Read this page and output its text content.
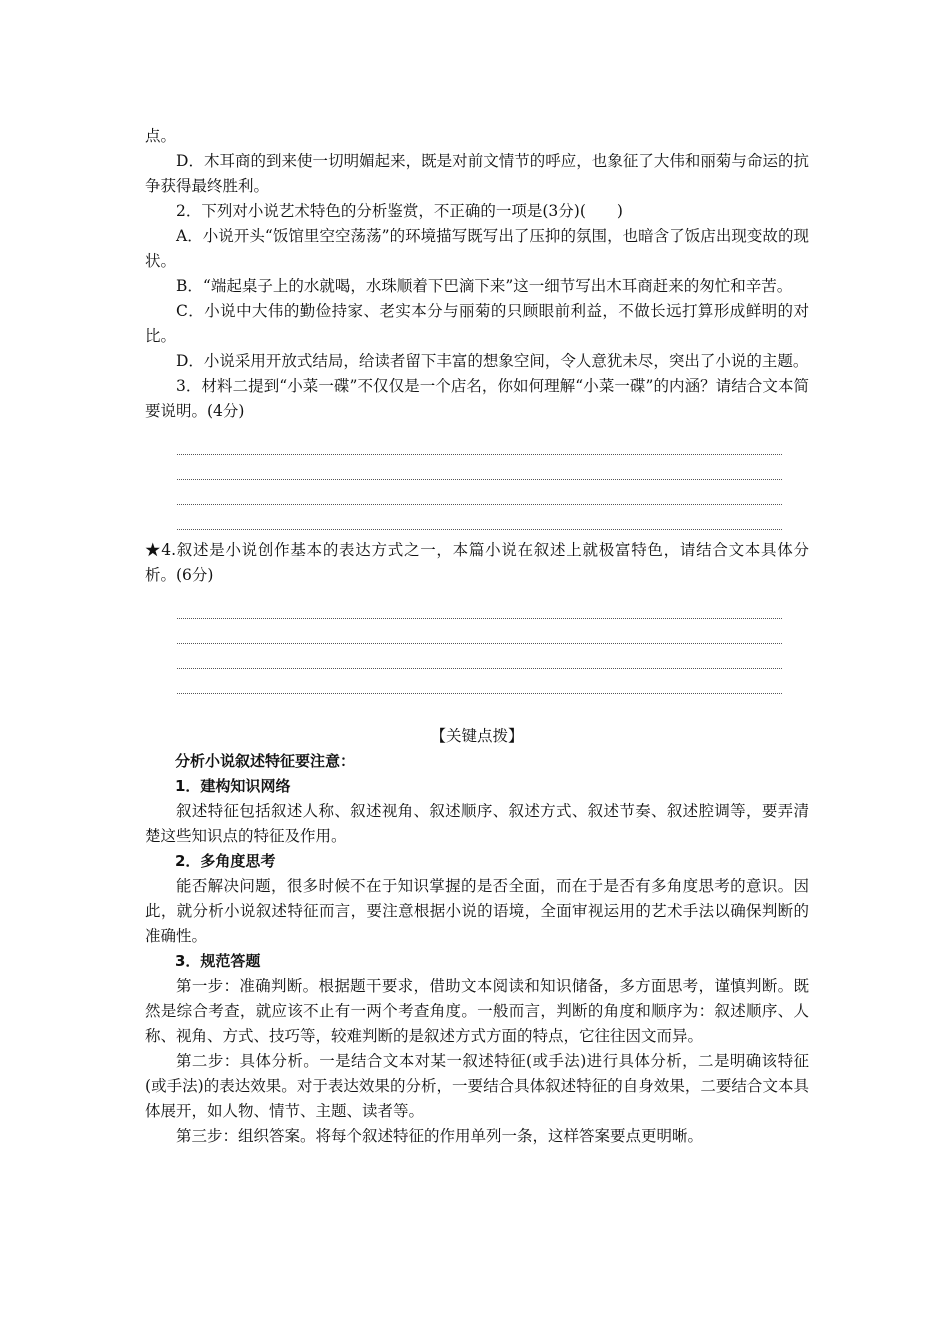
点。

D．木耳商的到来使一切明媚起来，既是对前文情节的呼应，也象征了大伟和丽菊与命运的抗争获得最终胜利。

2．下列对小说艺术特色的分析鉴赏，不正确的一项是(3分)(　　)

A．小说开头“饭馆里空空荡荡”的环境描写既写出了压抑的氛围，也暗含了饭店出现变故的现状。

B．“端起桌子上的水就喝，水珠顺着下巴滴下来”这一细节写出木耳商赶来的匆忙和辛苦。

C．小说中大伟的勤俭持家、老实本分与丽菊的只顾眼前利益，不做长远打算形成鲜明的对比。

D．小说采用开放式结局，给读者留下丰富的想象空间，令人意犹未尽，突出了小说的主题。

3．材料二提到“小菜一碟”不仅仅是一个店名，你如何理解“小菜一碟”的内涵？请结合文本简要说明。(4分)

★4.叙述是小说创作基本的表达方式之一，本篇小说在叙述上就极富特色，请结合文本具体分析。(6分)

【关键点拨】

分析小说叙述特征要注意：

1．建构知识网络

叙述特征包括叙述人称、叙述视角、叙述顺序、叙述方式、叙述节奏、叙述腔调等，要弄清楚这些知识点的特征及作用。

2．多角度思考

能否解决问题，很多时候不在于知识掌握的是否全面，而在于是否有多角度思考的意识。因此，就分析小说叙述特征而言，要注意根据小说的语境，全面审视运用的艺术手法以确保判断的准确性。

3．规范答题

第一步：准确判断。根据题干要求，借助文本阅读和知识储备，多方面思考，谨慎判断。既然是综合考查，就应该不止有一两个考查角度。一般而言，判断的角度和顺序为：叙述顺序、人称、视角、方式、技巧等，较难判断的是叙述方式方面的特点，它往往因文而异。

第二步：具体分析。一是结合文本对某一叙述特征(或手法)进行具体分析，二是明确该特征(或手法)的表达效果。对于表达效果的分析，一要结合具体叙述特征的自身效果，二要结合文本具体展开，如人物、情节、主题、读者等。

第三步：组织答案。将每个叙述特征的作用单列一条，这样答案要点更明晰。
